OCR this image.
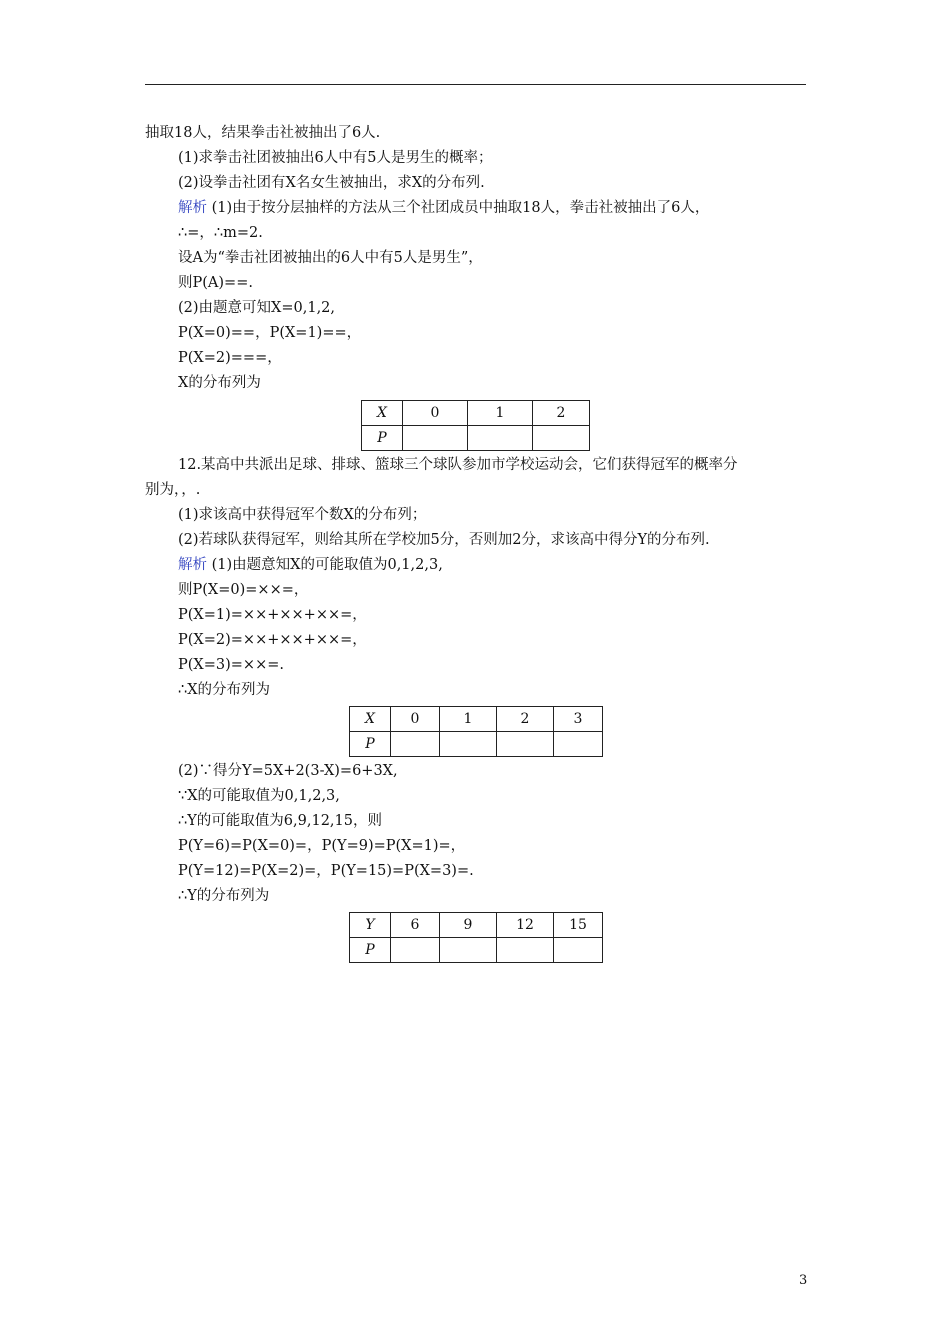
抽取18人，结果拳击社被抽出了6人.
(1)求拳击社团被抽出6人中有5人是男生的概率；
(2)设拳击社团有X名女生被抽出，求X的分布列.
解析 (1)由于按分层抽样的方法从三个社团成员中抽取18人，拳击社被抽出了6人，
∴=，∴m=2.
设A为“拳击社团被抽出的6人中有5人是男生”，
则P(A)==.
(2)由题意可知X=0,1,2,
P(X=0)==，P(X=1)==，
P(X=2)===，
X的分布列为
X	0	1	2
P			
12.某高中共派出足球、排球、篮球三个球队参加市学校运动会，它们获得冠军的概率分
别为，，.
(1)求该高中获得冠军个数X的分布列；
(2)若球队获得冠军，则给其所在学校加5分，否则加2分，求该高中得分Y的分布列.
解析 (1)由题意知X的可能取值为0,1,2,3,
则P(X=0)=××=，
P(X=1)=××+××+××=，
P(X=2)=××+××+××=，
P(X=3)=××=.
∴X的分布列为
X	0	1	2	3
P				
(2)∵得分Y=5X+2(3-X)=6+3X,
∵X的可能取值为0,1,2,3,
∴Y的可能取值为6,9,12,15，则
P(Y=6)=P(X=0)=，P(Y=9)=P(X=1)=，
P(Y=12)=P(X=2)=，P(Y=15)=P(X=3)=.
∴Y的分布列为
Y	6	9	12	15
P				
3
